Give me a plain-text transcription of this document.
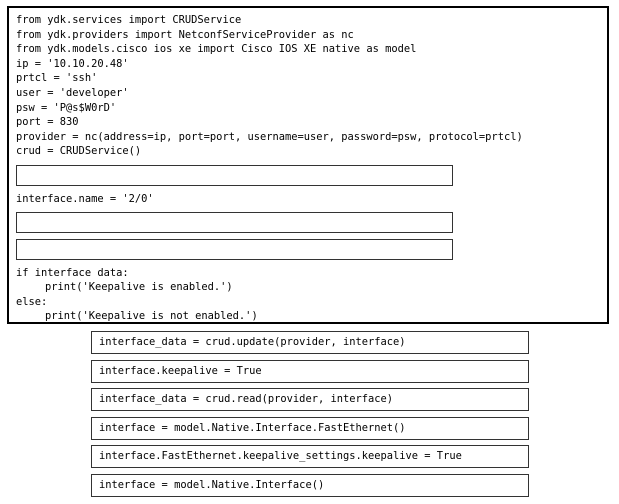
from ydk.services import CRUDService
from ydk.providers import NetconfServiceProvider as nc
from ydk.models.cisco ios xe import Cisco IOS XE native as model
ip = '10.10.20.48'
prtcl = 'ssh'
user = 'developer'
psw = 'P@s$W0rD'
port = 830
provider = nc(address=ip, port=port, username=user, password=psw, protocol=prtcl)
crud = CRUDService()
interface.name = '2/0'
if interface data:
print('Keepalive is enabled.')
else:
print('Keepalive is not enabled.')
interface_data = crud.update(provider, interface)
interface.keepalive = True
interface_data = crud.read(provider, interface)
interface = model.Native.Interface.FastEthernet()
interface.FastEthernet.keepalive_settings.keepalive = True
interface = model.Native.Interface()
